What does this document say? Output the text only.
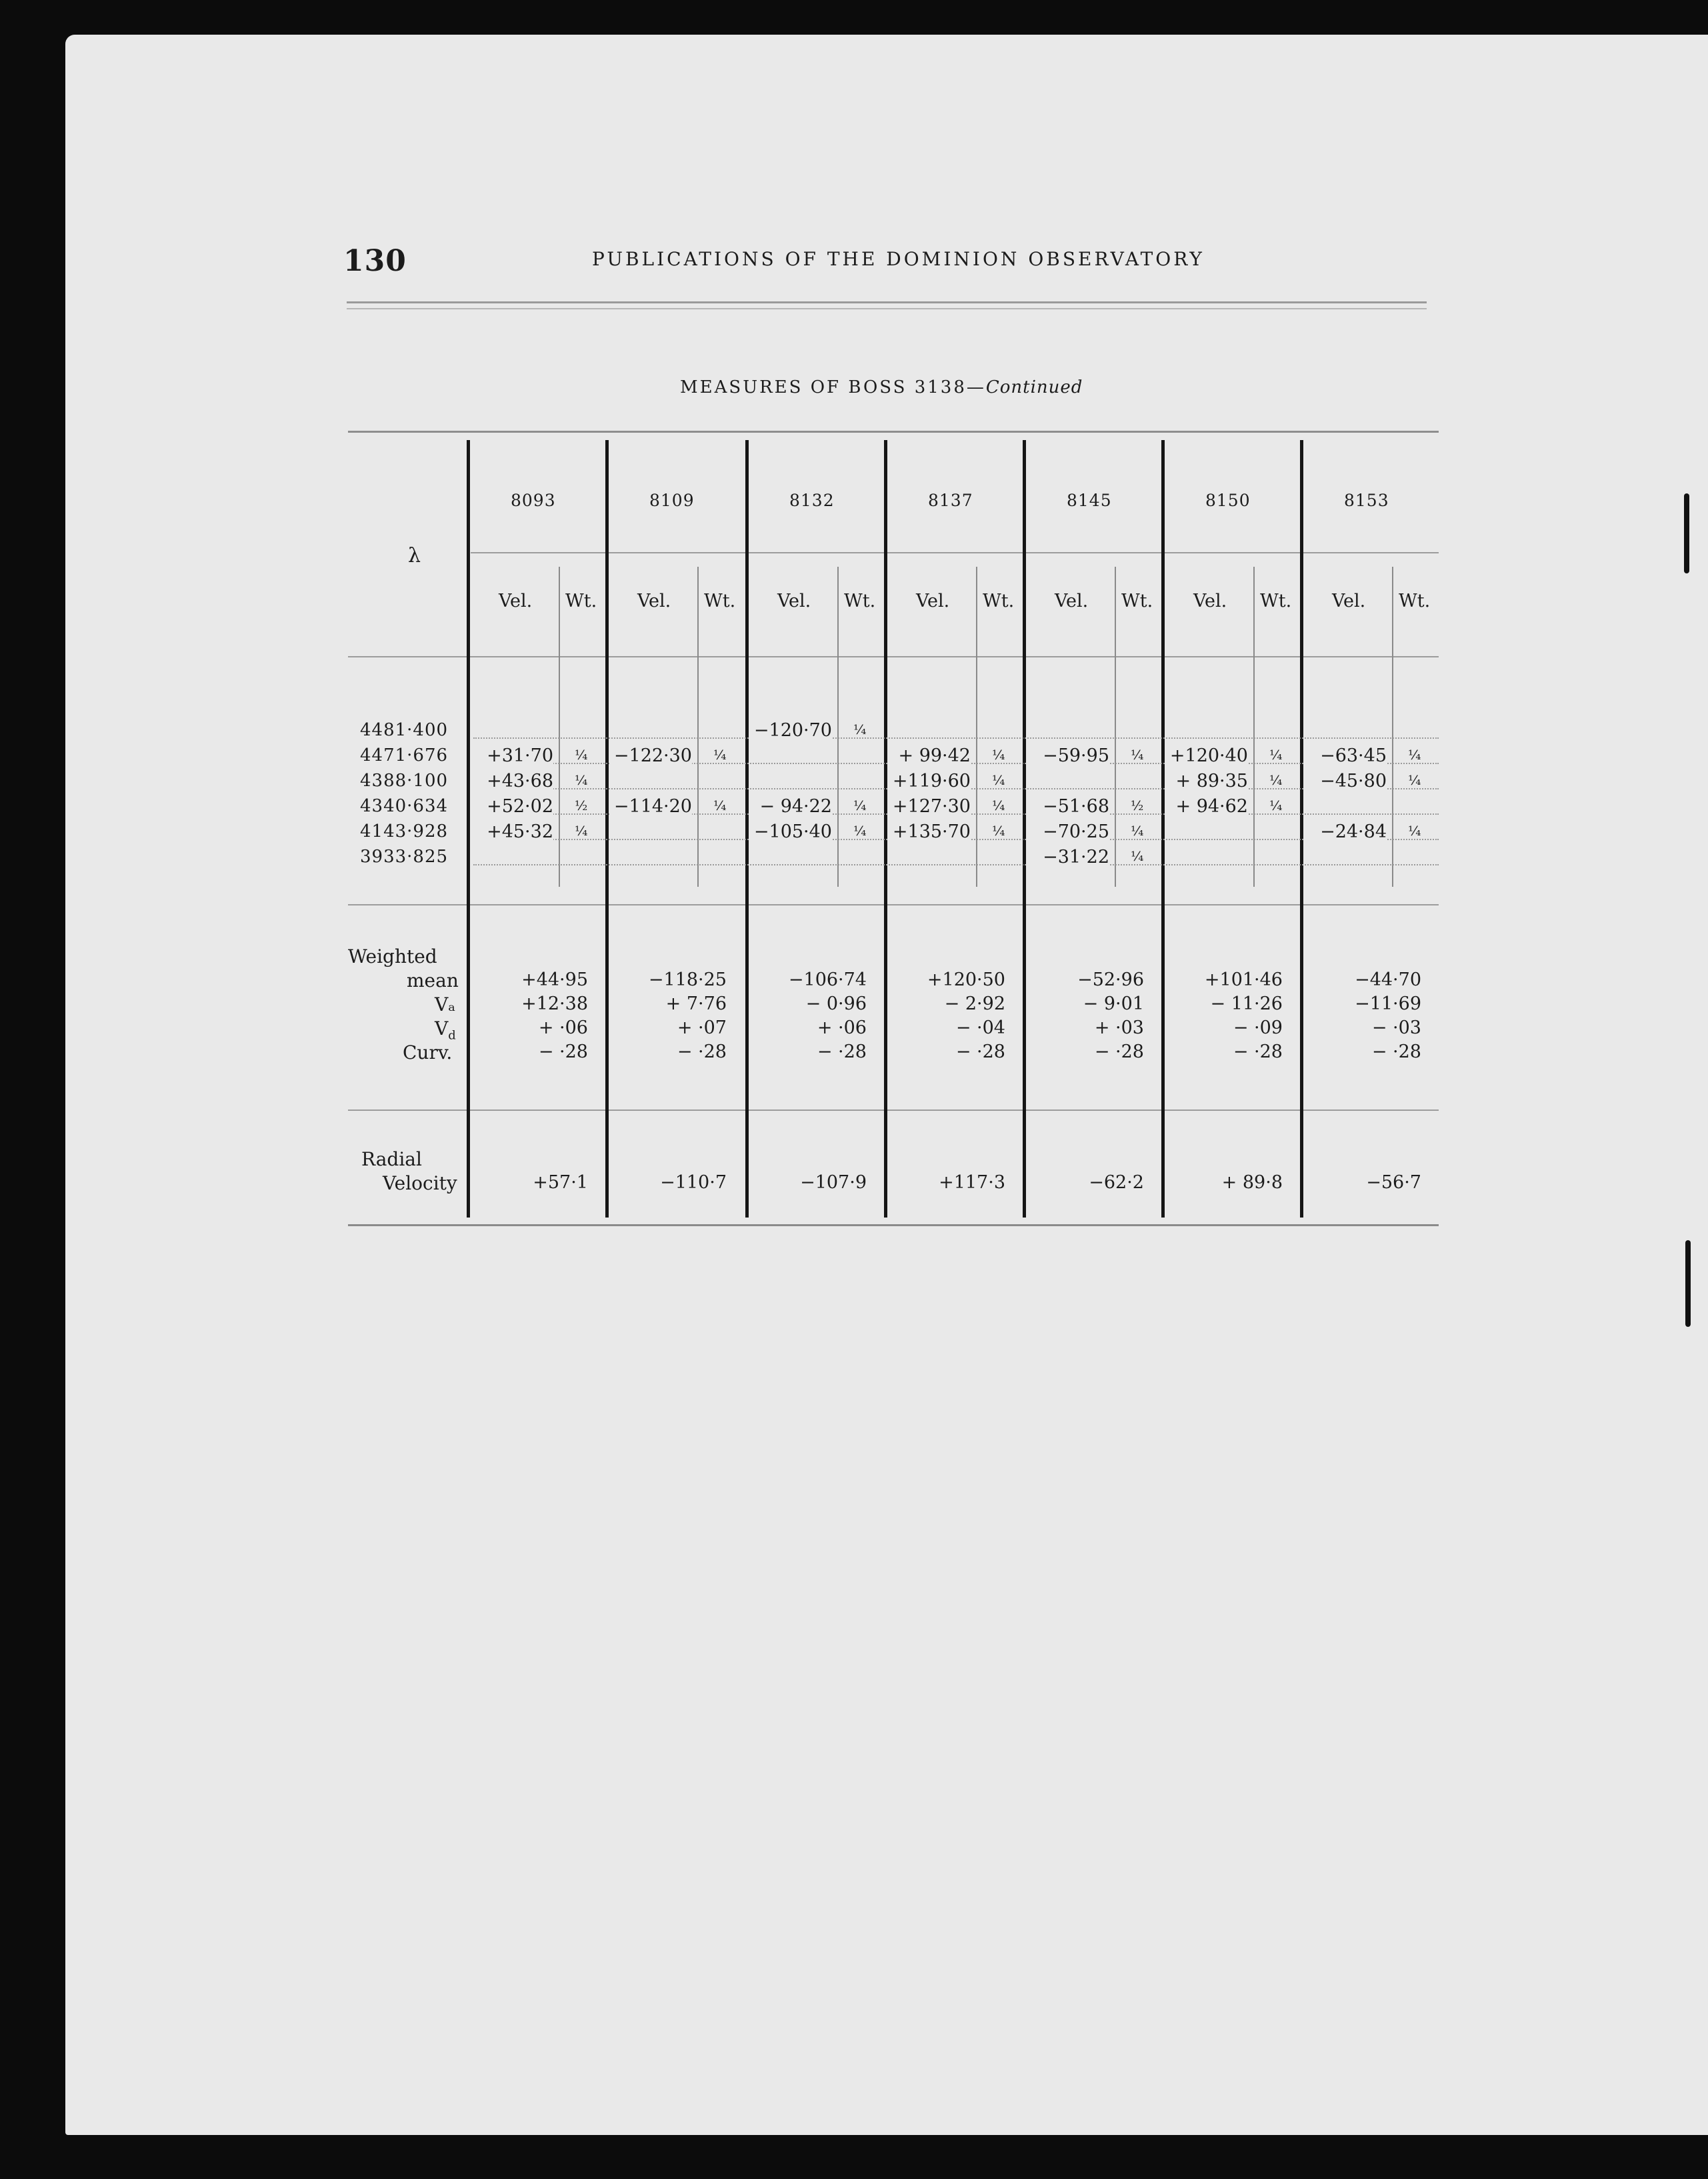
130	PUBLICATIONS OF THE DOMINION OBSERVATORY
MEASURES OF BOSS 3138—Continued
λ
8093
Vel. Wt.
8109
Vel. Wt.
8132
Vel. Wt.
8137
Vel. Wt.
8145
Vel. Wt.
8150
Vel. Wt.
8153
Vel. Wt.
4481·400
4471·676
4388·100
4340·634
4143·928
3933·825
+31·70 ¼
+43·68 ¼
+52·02 ½
+45·32 ¼
−122·30 ¼
−114·20 ¼
−120·70 ¼
− 94·22 ¼
−105·40 ¼
+ 99·42 ¼
+119·60 ¼
+127·30 ¼
+135·70 ¼
−59·95 ¼
−51·68 ½
−70·25 ¼
−31·22 ¼
+120·40 ¼
+ 89·35 ¼
+ 94·62 ¼
−63·45 ¼
−45·80 ¼
−24·84 ¼
Weighted
mean
Vₐ
$V_d$
Curv.
Radial
Velocity
+44·95
+12·38
+ ·06
− ·28
+57·1
−118·25
+ 7·76
+ ·07
− ·28
−110·7
−106·74
− 0·96
+ ·06
− ·28
−107·9
+120·50
− 2·92
− ·04
− ·28
+117·3
−52·96
− 9·01
+ ·03
− ·28
−62·2
+101·46
− 11·26
− ·09
− ·28
+ 89·8
−44·70
−11·69
− ·03
− ·28
−56·7
